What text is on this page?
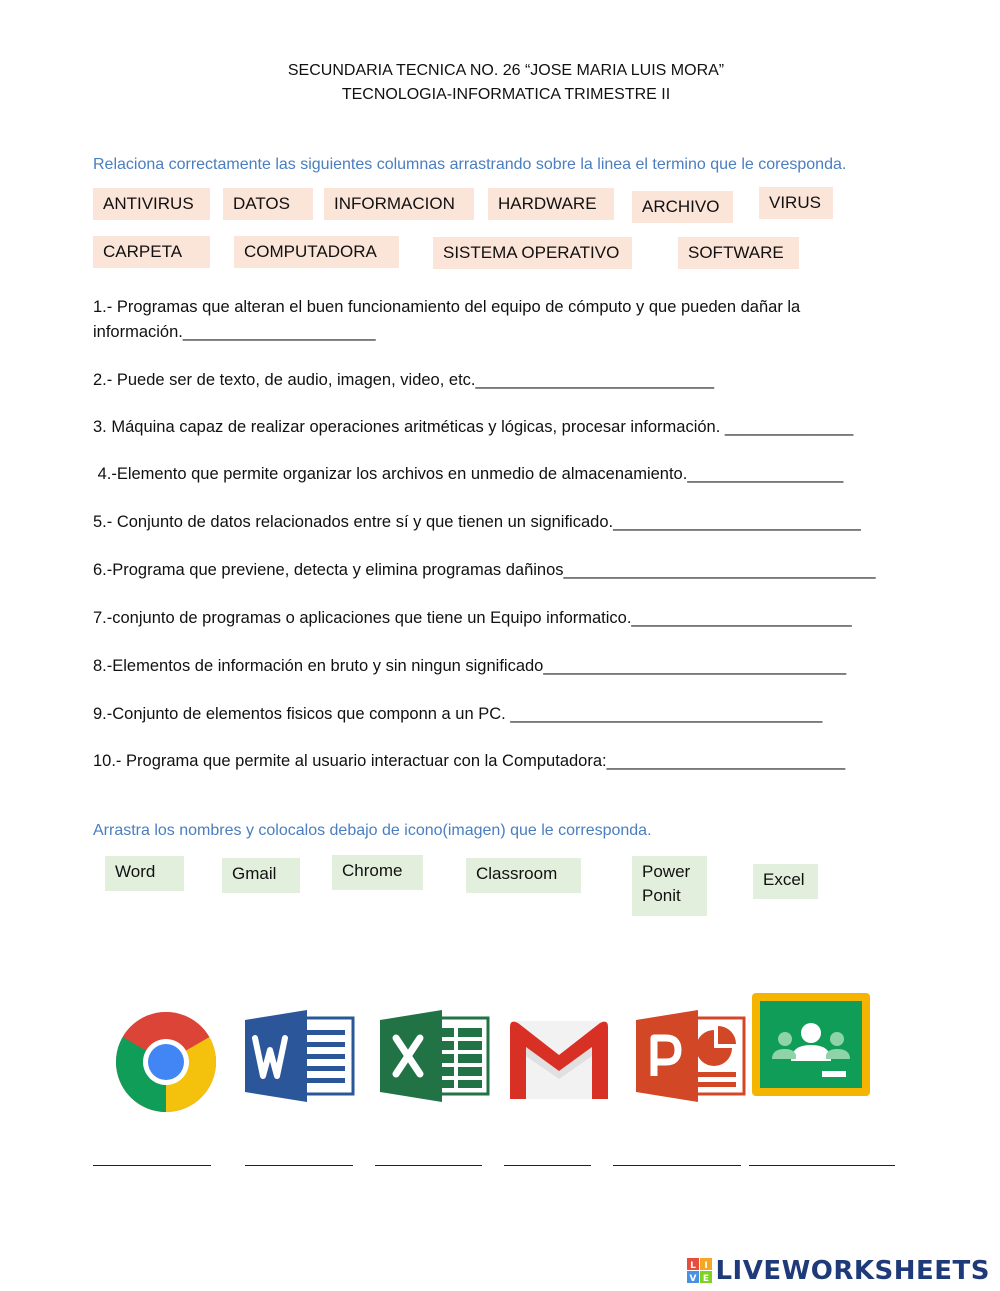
SECUNDARIA TECNICA NO. 26 “JOSE MARIA LUIS MORA”
TECNOLOGIA-INFORMATICA TRIMESTRE II
Relaciona correctamente las siguientes columnas arrastrando sobre la linea el termino que le coresponda.
ANTIVIRUS	DATOS	INFORMACION	HARDWARE	ARCHIVO	VIRUS
CARPETA	COMPUTADORA	SISTEMA OPERATIVO	SOFTWARE
1.- Programas que alteran el buen funcionamiento del equipo de cómputo y que pueden dañar la
información._____________________
2.- Puede ser de texto, de audio, imagen, video, etc.__________________________
3. Máquina capaz de realizar operaciones aritméticas y lógicas, procesar información. ______________
4.-Elemento que permite organizar los archivos en unmedio de almacenamiento._________________
5.- Conjunto de datos relacionados entre sí y que tienen un significado.___________________________
6.-Programa que previene, detecta y elimina programas dañinos__________________________________
7.-conjunto de programas o aplicaciones que tiene un Equipo informatico.________________________
8.-Elementos de información en bruto y sin ningun significado_________________________________
9.-Conjunto de elementos fisicos que componn a un PC. __________________________________
10.- Programa que permite al usuario interactuar con la Computadora:__________________________
Arrastra los nombres y colocalos debajo de icono(imagen) que le corresponda.
Word	Gmail	Chrome	Classroom	Power
Ponit
Excel
L I
V E LIVEWORKSHEETS
